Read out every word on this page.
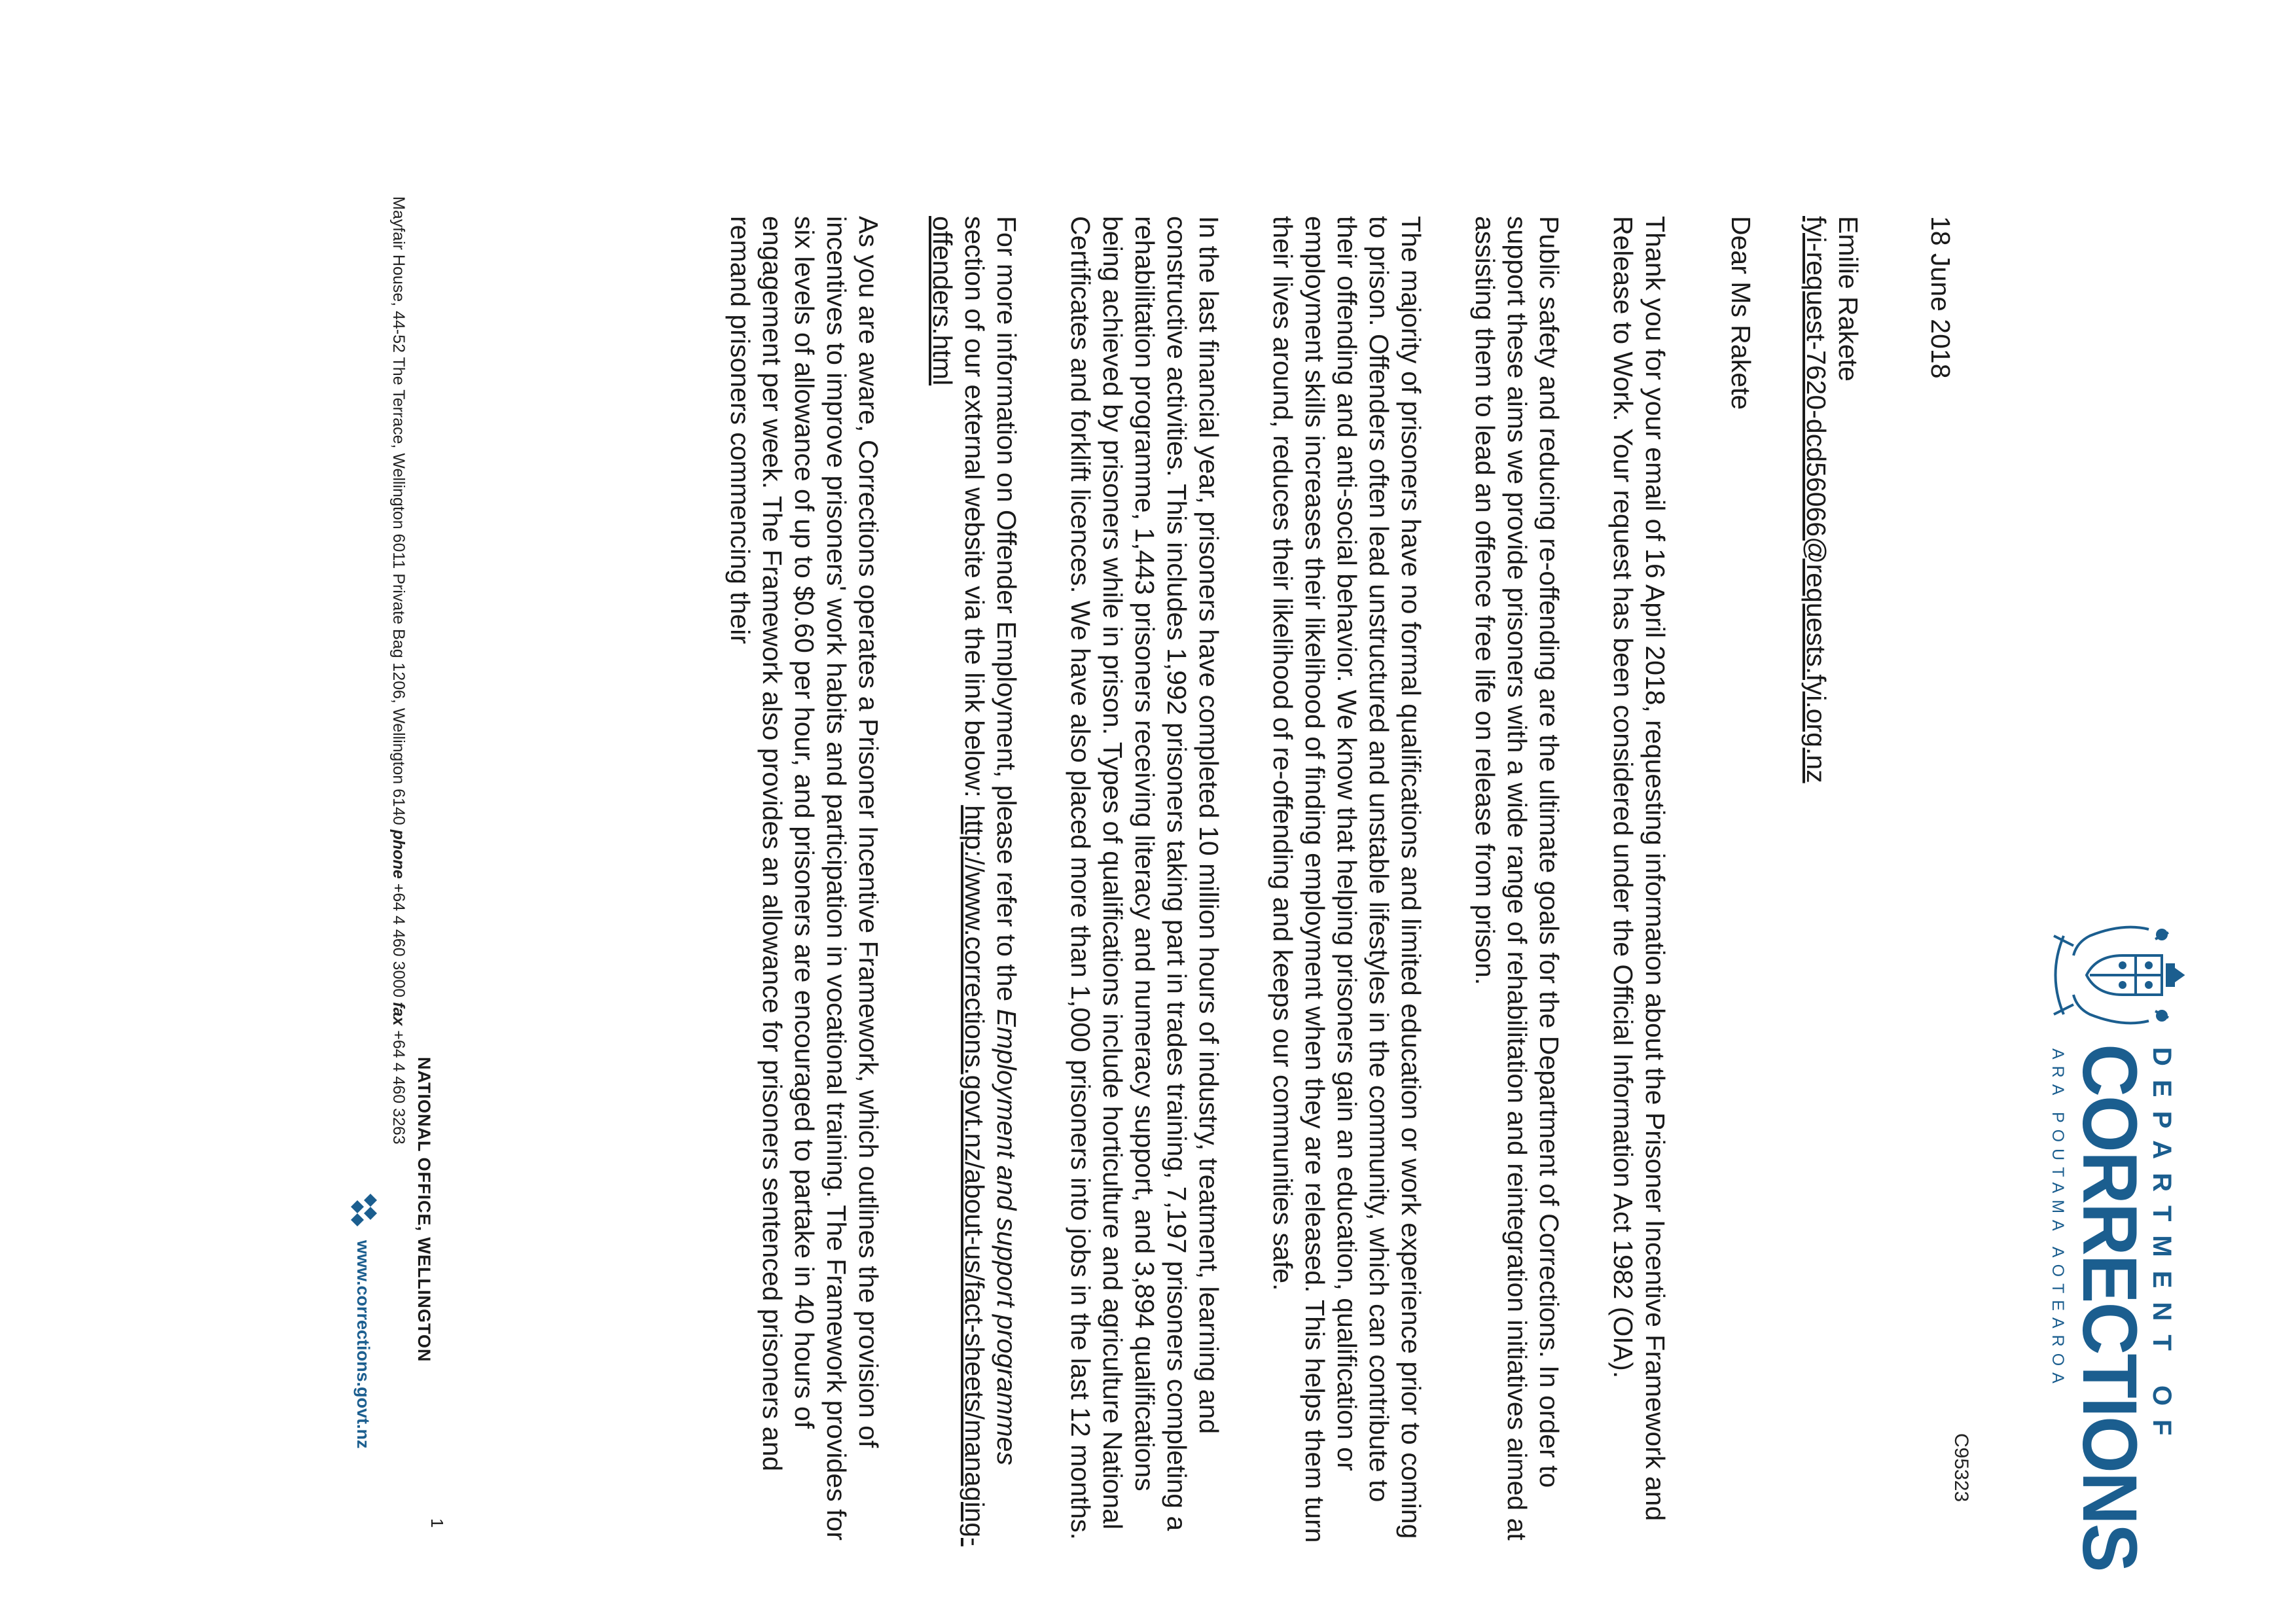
DEPARTMENT OF
CORRECTIONS
ARA POUTAMA AOTEAROA
C95323
18 June 2018
Emilie Rakete
fyi-request-7620-dcd56066@requests.fyi.org.nz
Dear Ms Rakete

Thank you for your email of 16 April 2018, requesting information about the Prisoner Incentive Framework and Release to Work. Your request has been considered under the Official Information Act 1982 (OIA).

Public safety and reducing re-offending are the ultimate goals for the Department of Corrections. In order to support these aims we provide prisoners with a wide range of rehabilitation and reintegration initiatives aimed at assisting them to lead an offence free life on release from prison.

The majority of prisoners have no formal qualifications and limited education or work experience prior to coming to prison. Offenders often lead unstructured and unstable lifestyles in the community, which can contribute to their offending and anti-social behavior. We know that helping prisoners gain an education, qualification or employment skills increases their likelihood of finding employment when they are released. This helps them turn their lives around, reduces their likelihood of re-offending and keeps our communities safe.

In the last financial year, prisoners have completed 10 million hours of industry, treatment, learning and constructive activities. This includes 1,992 prisoners taking part in trades training, 7,197 prisoners completing a rehabilitation programme, 1,443 prisoners receiving literacy and numeracy support, and 3,894 qualifications being achieved by prisoners while in prison. Types of qualifications include horticulture and agriculture National Certificates and forklift licences. We have also placed more than 1,000 prisoners into jobs in the last 12 months.

For more information on Offender Employment, please refer to the Employment and support programmes section of our external website via the link below: http://www.corrections.govt.nz/about-us/fact-sheets/managing-offenders.html

As you are aware, Corrections operates a Prisoner Incentive Framework, which outlines the provision of incentives to improve prisoners' work habits and participation in vocational training. The Framework provides for six levels of allowance of up to $0.60 per hour, and prisoners are encouraged to partake in 40 hours of engagement per week. The Framework also provides an allowance for prisoners sentenced prisoners and remand prisoners commencing their

1
NATIONAL OFFICE, WELLINGTON
Mayfair House, 44-52 The Terrace, Wellington 6011 Private Bag 1206, Wellington 6140 phone +64 4 460 3000 fax +64 4 460 3263
www.corrections.govt.nz
